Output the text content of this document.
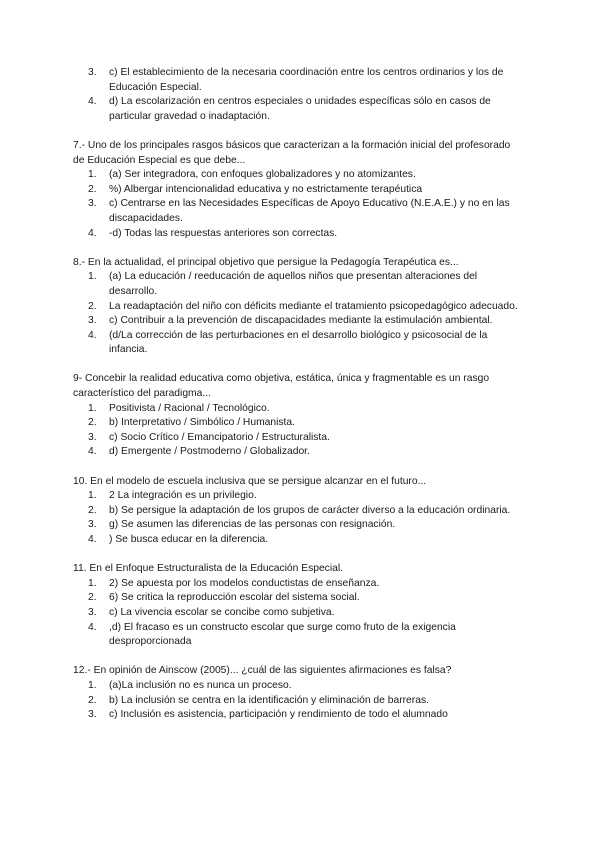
3. c) El establecimiento de la necesaria coordinación entre los centros ordinarios y los de Educación Especial.
4. d) La escolarización en centros especiales o unidades específicas sólo en casos de particular gravedad o inadaptación.
7.- Uno de los principales rasgos básicos que caracterizan a la formación inicial del profesorado de Educación Especial es que debe...
1. (a) Ser integradora, con enfoques globalizadores y no atomizantes.
2. %) Albergar intencionalidad educativa y no estrictamente terapéutica
3. c) Centrarse en las Necesidades Específicas de Apoyo Educativo (N.E.A.E.) y no en las discapacidades.
4. -d) Todas las respuestas anteriores son correctas.
8.- En la actualidad, el principal objetivo que persigue la Pedagogía Terapéutica es...
1. (a) La educación / reeducación de aquellos niños que presentan alteraciones del desarrollo.
2. La readaptación del niño con déficits mediante el tratamiento psicopedagógico adecuado.
3. c) Contribuir a la prevención de discapacidades mediante la estimulación ambiental.
4. (d/La corrección de las perturbaciones en el desarrollo biológico y psicosocial de la infancia.
9- Concebir la realidad educativa como objetiva, estática, única y fragmentable es un rasgo característico del paradigma...
1. Positivista / Racional / Tecnológico.
2. b) Interpretativo / Simbólico / Humanista.
3. c) Socio Crítico / Emancipatorio / Estructuralista.
4. d) Emergente / Postmoderno / Globalizador.
10. En el modelo de escuela inclusiva que se persigue alcanzar en el futuro...
1. 2 La integración es un privilegio.
2. b) Se persigue la adaptación de los grupos de carácter diverso a la educación ordinaria.
3. g) Se asumen las diferencias de las personas con resignación.
4. ) Se busca educar en la diferencia.
11. En el Enfoque Estructuralista de la Educación Especial.
1. 2) Se apuesta por los modelos conductistas de enseñanza.
2. 6) Se critica la reproducción escolar del sistema social.
3. c) La vivencia escolar se concibe como subjetiva.
4. ,d) El fracaso es un constructo escolar que surge como fruto de la exigencia desproporcionada
12.- En opinión de Ainscow (2005)... ¿cuál de las siguientes afirmaciones es falsa?
1. (a)La inclusión no es nunca un proceso.
2. b) La inclusión se centra en la identificación y eliminación de barreras.
3. c) Inclusión es asistencia, participación y rendimiento de todo el alumnado
